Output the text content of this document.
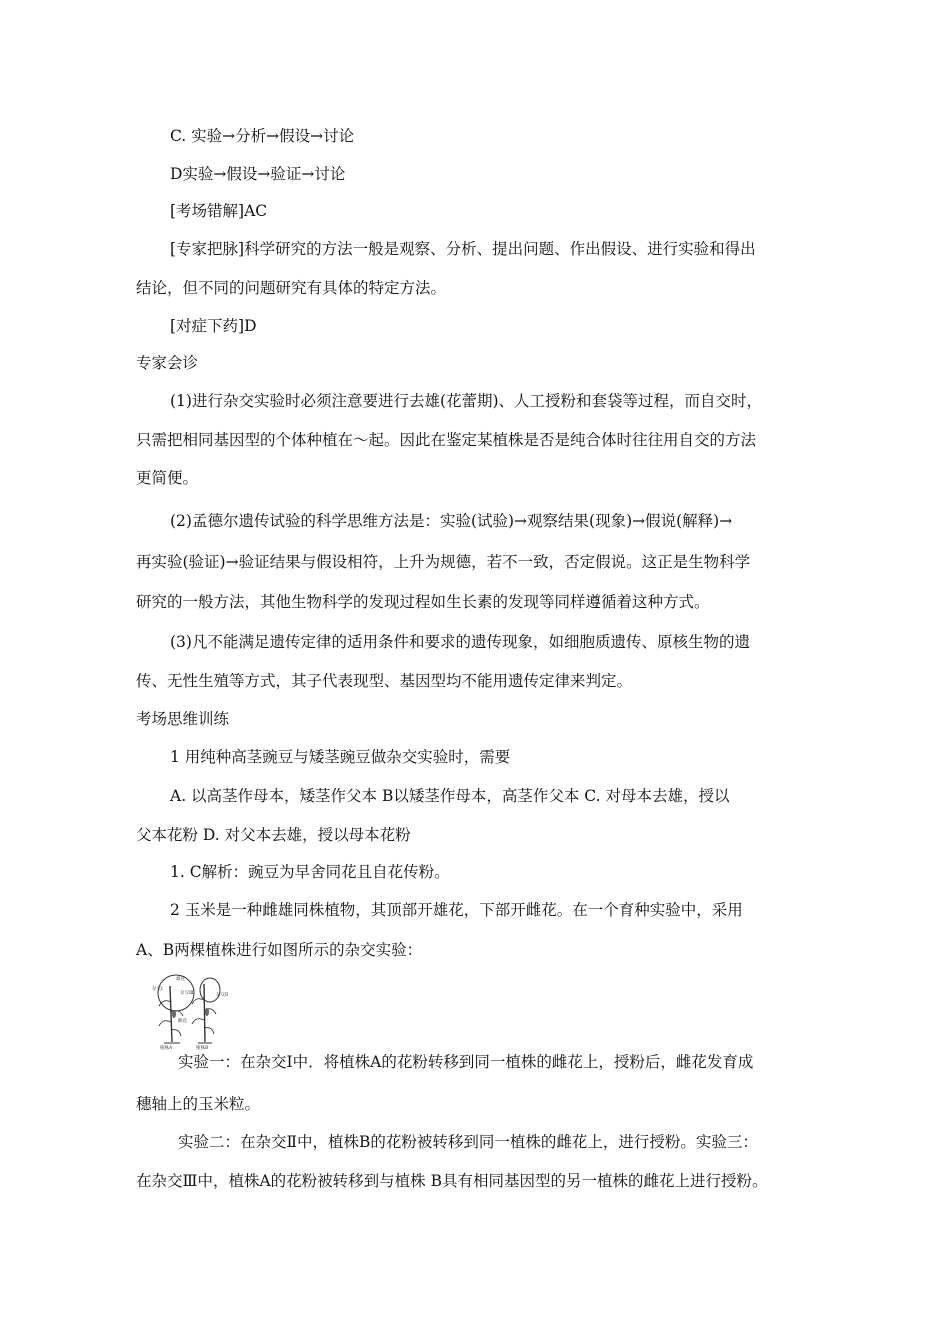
C. 实验→分析→假设→讨论
D实验→假设→验证→讨论
[考场错解]AC
[专家把脉]科学研究的方法一般是观察、分析、提出问题、作出假设、进行实验和得出
结论，但不同的问题研究有具体的特定方法。
[对症下药]D
专家会诊
(1)进行杂交实验时必须注意要进行去雄(花蕾期)、人工授粉和套袋等过程，而自交时，
只需把相同基因型的个体种植在～起。因此在鉴定某植株是否是纯合体时往往用自交的方法
更简便。
(2)孟德尔遗传试验的科学思维方法是：实验(试验)→观察结果(现象)→假说(解释)→
再实验(验证)→验证结果与假设相符，上升为规德，若不一致，否定假说。这正是生物科学
研究的一般方法，其他生物科学的发现过程如生长素的发现等同样遵循着这种方式。
(3)凡不能满足遗传定律的适用条件和要求的遗传现象，如细胞质遗传、原核生物的遗
传、无性生殖等方式，其子代表现型、基因型均不能用遗传定律来判定。
考场思维训练
1 用纯种高茎豌豆与矮茎豌豆做杂交实验时，需要
A. 以高茎作母本，矮茎作父本 B以矮茎作母本，高茎作父本 C. 对母本去雄，授以
父本花粉 D. 对父本去雄，授以母本花粉
1. C解析：豌豆为早舍同花且自花传粉。
2 玉米是一种雌雄同株植物，其顶部开雄花，下部开雌花。在一个育种实验中，采用
A、B两棵植株进行如图所示的杂交实验：
杂交I
杂交Ⅲ	杂交Ⅱ
雄花
雌花
植株A	植株B
实验一：在杂交Ⅰ中．将植株A的花粉转移到同一植株的雌花上，授粉后，雌花发育成
穗轴上的玉米粒。
实验二：在杂交Ⅱ中，植株B的花粉被转移到同一植株的雌花上，进行授粉。实验三：
在杂交Ⅲ中，植株A的花粉被转移到与植株 B具有相同基因型的另一植株的雌花上进行授粉。
